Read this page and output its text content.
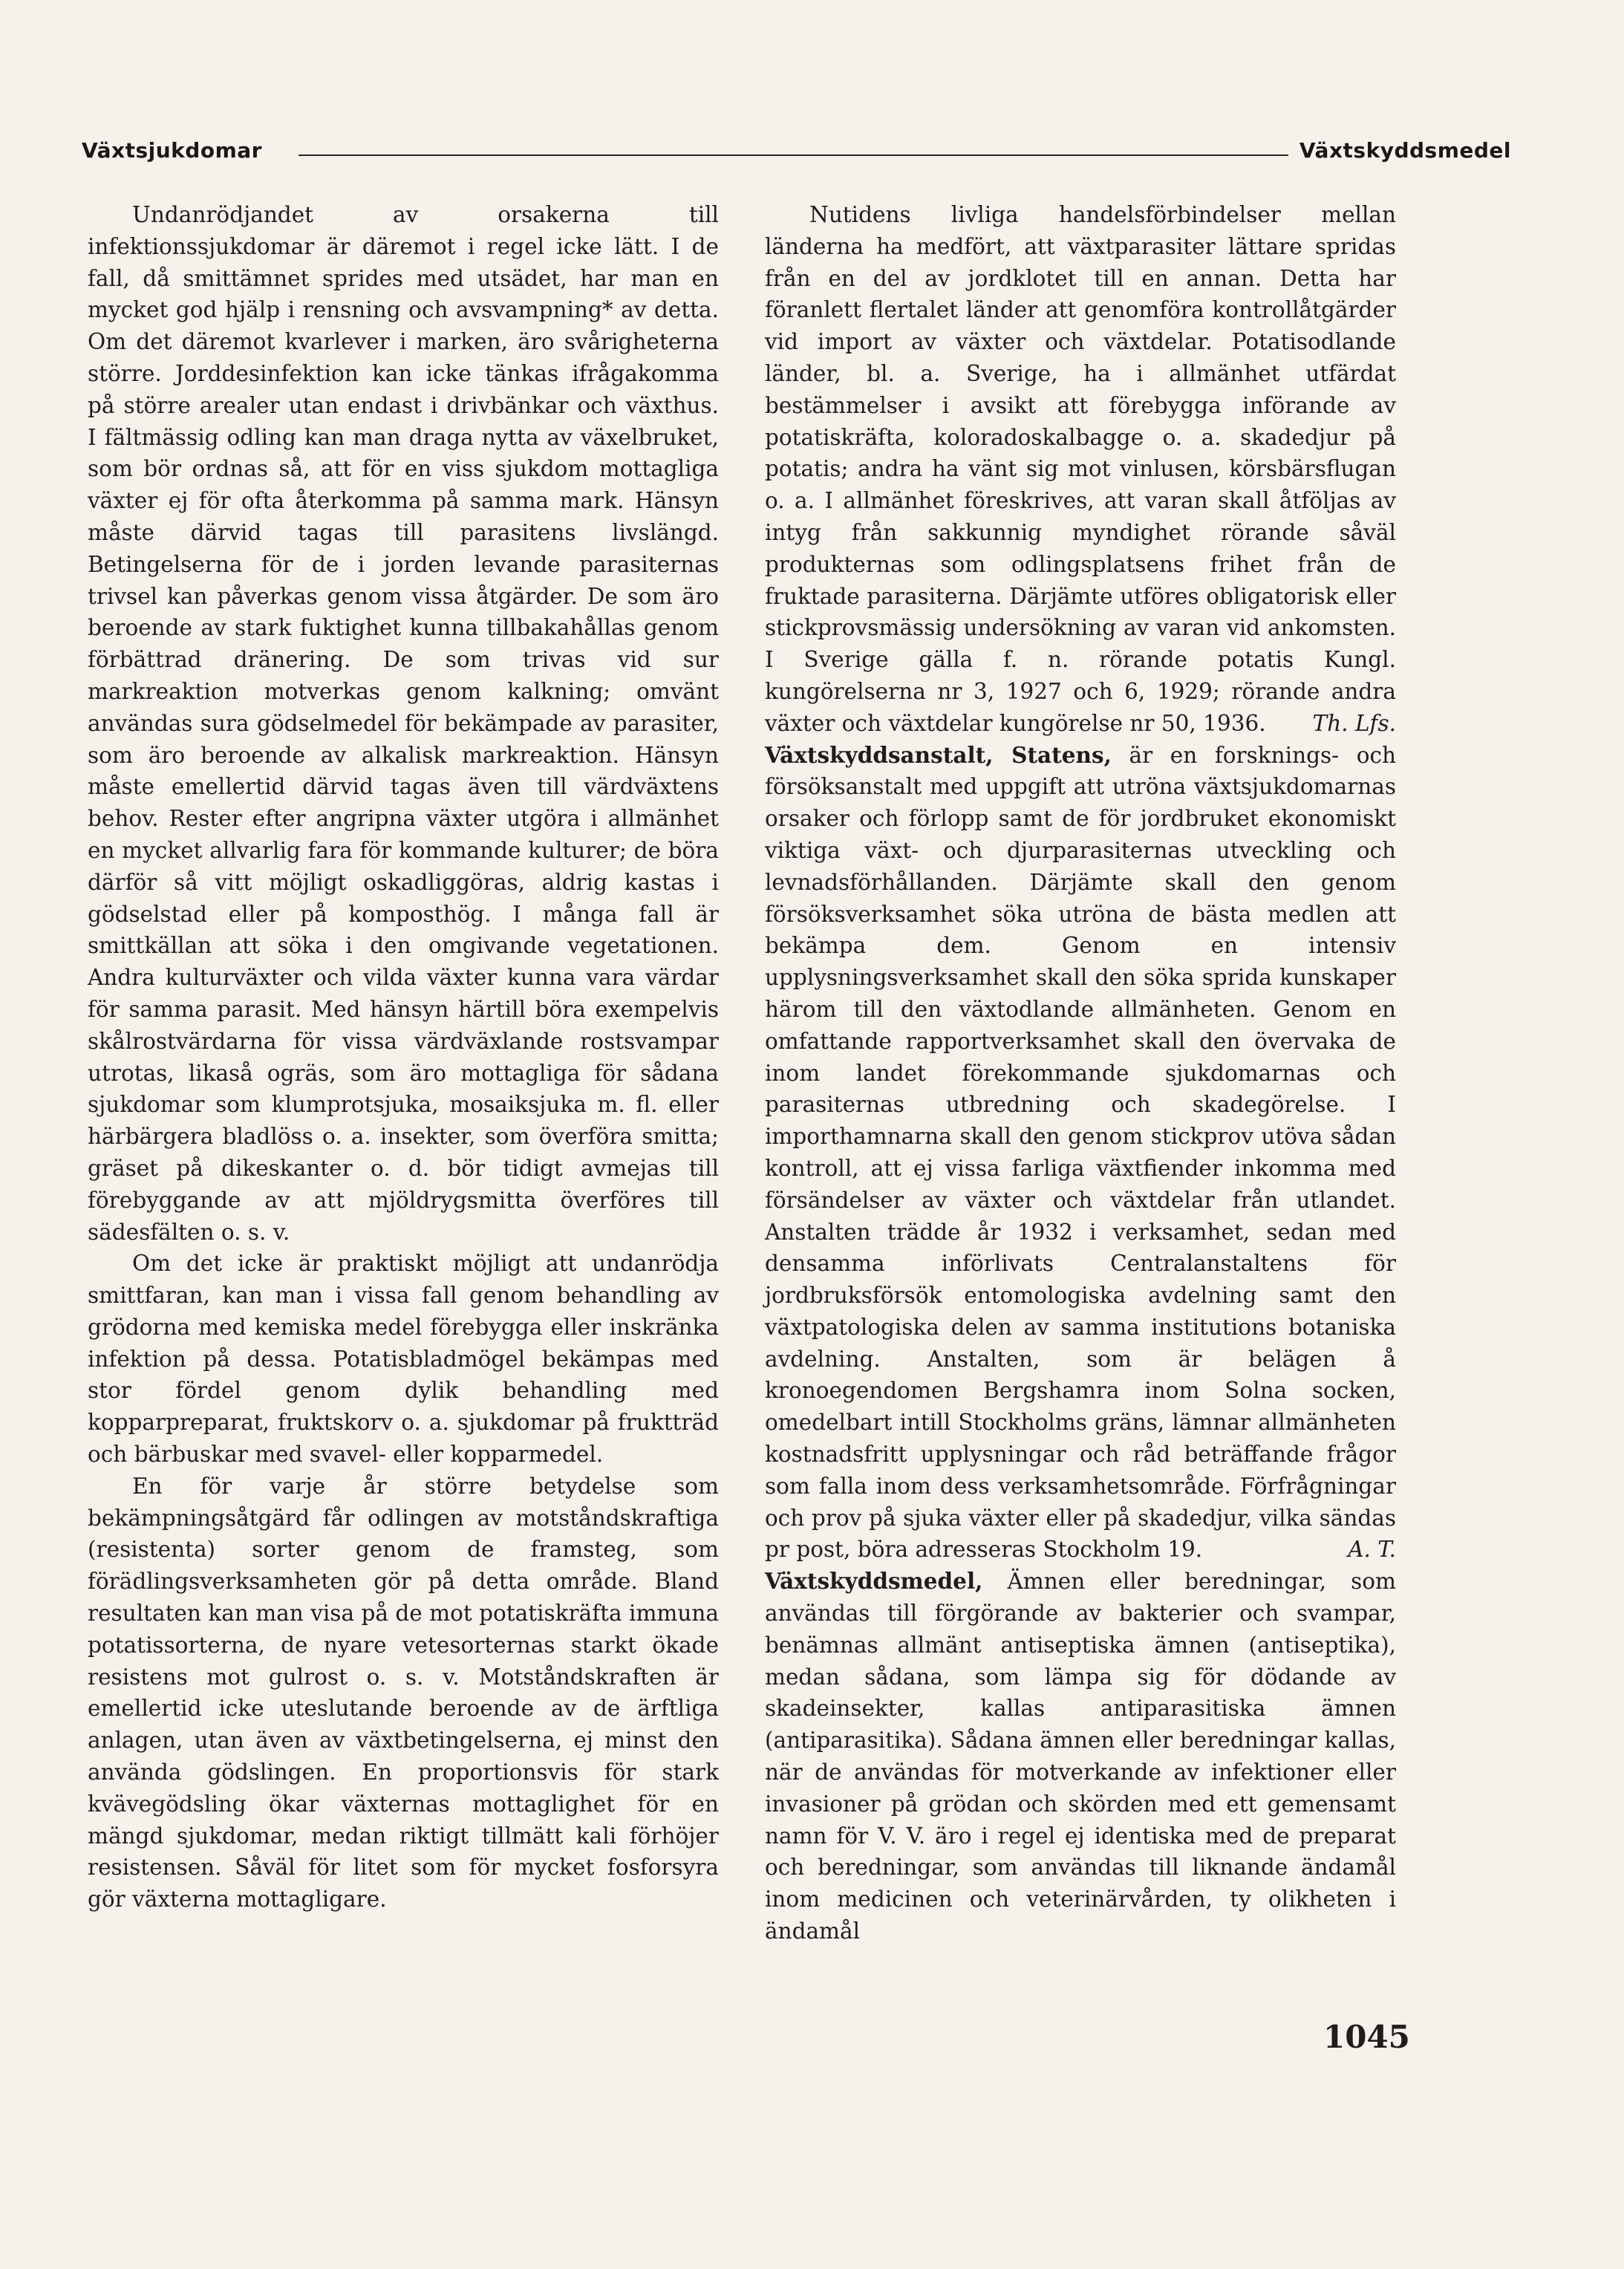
Växtsjukdomar	Växtskyddsmedel

Undanrödjandet av orsakerna till infektionssjukdomar är däremot i regel icke lätt. I de fall, då smittämnet sprides med utsädet, har man en mycket god hjälp i rensning och avsvampning* av detta. Om det däremot kvarlever i marken, äro svårigheterna större. Jorddesinfektion kan icke tänkas ifrågakomma på större arealer utan endast i drivbänkar och växthus. I fältmässig odling kan man draga nytta av växelbruket, som bör ordnas så, att för en viss sjukdom mottagliga växter ej för ofta återkomma på samma mark. Hänsyn måste därvid tagas till parasitens livslängd. Betingelserna för de i jorden levande parasiternas trivsel kan påverkas genom vissa åtgärder. De som äro beroende av stark fuktighet kunna tillbakahållas genom förbättrad dränering. De som trivas vid sur markreaktion motverkas genom kalkning; omvänt användas sura gödselmedel för bekämpade av parasiter, som äro beroende av alkalisk markreaktion. Hänsyn måste emellertid därvid tagas även till värdväxtens behov. Rester efter angripna växter utgöra i allmänhet en mycket allvarlig fara för kommande kulturer; de böra därför så vitt möjligt oskadliggöras, aldrig kastas i gödselstad eller på komposthög. I många fall är smittkällan att söka i den omgivande vegetationen. Andra kulturväxter och vilda växter kunna vara värdar för samma parasit. Med hänsyn härtill böra exempelvis skålrostvärdarna för vissa värdväxlande rostsvampar utrotas, likaså ogräs, som äro mottagliga för sådana sjukdomar som klumprotsjuka, mosaiksjuka m. fl. eller härbärgera bladlöss o. a. insekter, som överföra smitta; gräset på dikeskanter o. d. bör tidigt avmejas till förebyggande av att mjöldrygsmitta överföres till sädesfälten o. s. v.

Om det icke är praktiskt möjligt att undanrödja smittfaran, kan man i vissa fall genom behandling av grödorna med kemiska medel förebygga eller inskränka infektion på dessa. Potatisbladmögel bekämpas med stor fördel genom dylik behandling med kopparpreparat, fruktskorv o. a. sjukdomar på fruktträd och bärbuskar med svavel- eller kopparmedel.

En för varje år större betydelse som bekämpningsåtgärd får odlingen av motståndskraftiga (resistenta) sorter genom de framsteg, som förädlingsverksamheten gör på detta område. Bland resultaten kan man visa på de mot potatiskräfta immuna potatissorterna, de nyare vetesorternas starkt ökade resistens mot gulrost o. s. v. Motståndskraften är emellertid icke uteslutande beroende av de ärftliga anlagen, utan även av växtbetingelserna, ej minst den använda gödslingen. En proportionsvis för stark kvävegödsling ökar växternas mottaglighet för en mängd sjukdomar, medan riktigt tillmätt kali förhöjer resistensen. Såväl för litet som för mycket fosforsyra gör växterna mottagligare.

Nutidens livliga handelsförbindelser mellan länderna ha medfört, att växtparasiter lättare spridas från en del av jordklotet till en annan. Detta har föranlett flertalet länder att genomföra kontrollåtgärder vid import av växter och växtdelar. Potatisodlande länder, bl. a. Sverige, ha i allmänhet utfärdat bestämmelser i avsikt att förebygga införande av potatiskräfta, koloradoskalbagge o. a. skadedjur på potatis; andra ha vänt sig mot vinlusen, körsbärsflugan o. a. I allmänhet föreskrives, att varan skall åtföljas av intyg från sakkunnig myndighet rörande såväl produkternas som odlingsplatsens frihet från de fruktade parasiterna. Därjämte utföres obligatorisk eller stickprovsmässig undersökning av varan vid ankomsten. I Sverige gälla f. n. rörande potatis Kungl. kungörelserna nr 3, 1927 och 6, 1929; rörande andra växter och växtdelar kungörelse nr 50, 1936.	Th. Lfs.

Växtskyddsanstalt, Statens, är en forsknings- och försöksanstalt med uppgift att utröna växtsjukdomarnas orsaker och förlopp samt de för jordbruket ekonomiskt viktiga växt- och djurparasiternas utveckling och levnadsförhållanden. Därjämte skall den genom försöksverksamhet söka utröna de bästa medlen att bekämpa dem. Genom en intensiv upplysningsverksamhet skall den söka sprida kunskaper härom till den växtodlande allmänheten. Genom en omfattande rapportverksamhet skall den övervaka de inom landet förekommande sjukdomarnas och parasiternas utbredning och skadegörelse. I importhamnarna skall den genom stickprov utöva sådan kontroll, att ej vissa farliga växtfiender inkomma med försändelser av växter och växtdelar från utlandet. Anstalten trädde år 1932 i verksamhet, sedan med densamma införlivats Centralanstaltens för jordbruksförsök entomologiska avdelning samt den växtpatologiska delen av samma institutions botaniska avdelning. Anstalten, som är belägen å kronoegendomen Bergshamra inom Solna socken, omedelbart intill Stockholms gräns, lämnar allmänheten kostnadsfritt upplysningar och råd beträffande frågor som falla inom dess verksamhetsområde. Förfrågningar och prov på sjuka växter eller på skadedjur, vilka sändas pr post, böra adresseras Stockholm 19.	A. T.

Växtskyddsmedel, Ämnen eller beredningar, som användas till förgörande av bakterier och svampar, benämnas allmänt antiseptiska ämnen (antiseptika), medan sådana, som lämpa sig för dödande av skadeinsekter, kallas antiparasitiska ämnen (antiparasitika). Sådana ämnen eller beredningar kallas, när de användas för motverkande av infektioner eller invasioner på grödan och skörden med ett gemensamt namn för V. V. äro i regel ej identiska med de preparat och beredningar, som användas till liknande ändamål inom medicinen och veterinärvården, ty olikheten i ändamål

1045
